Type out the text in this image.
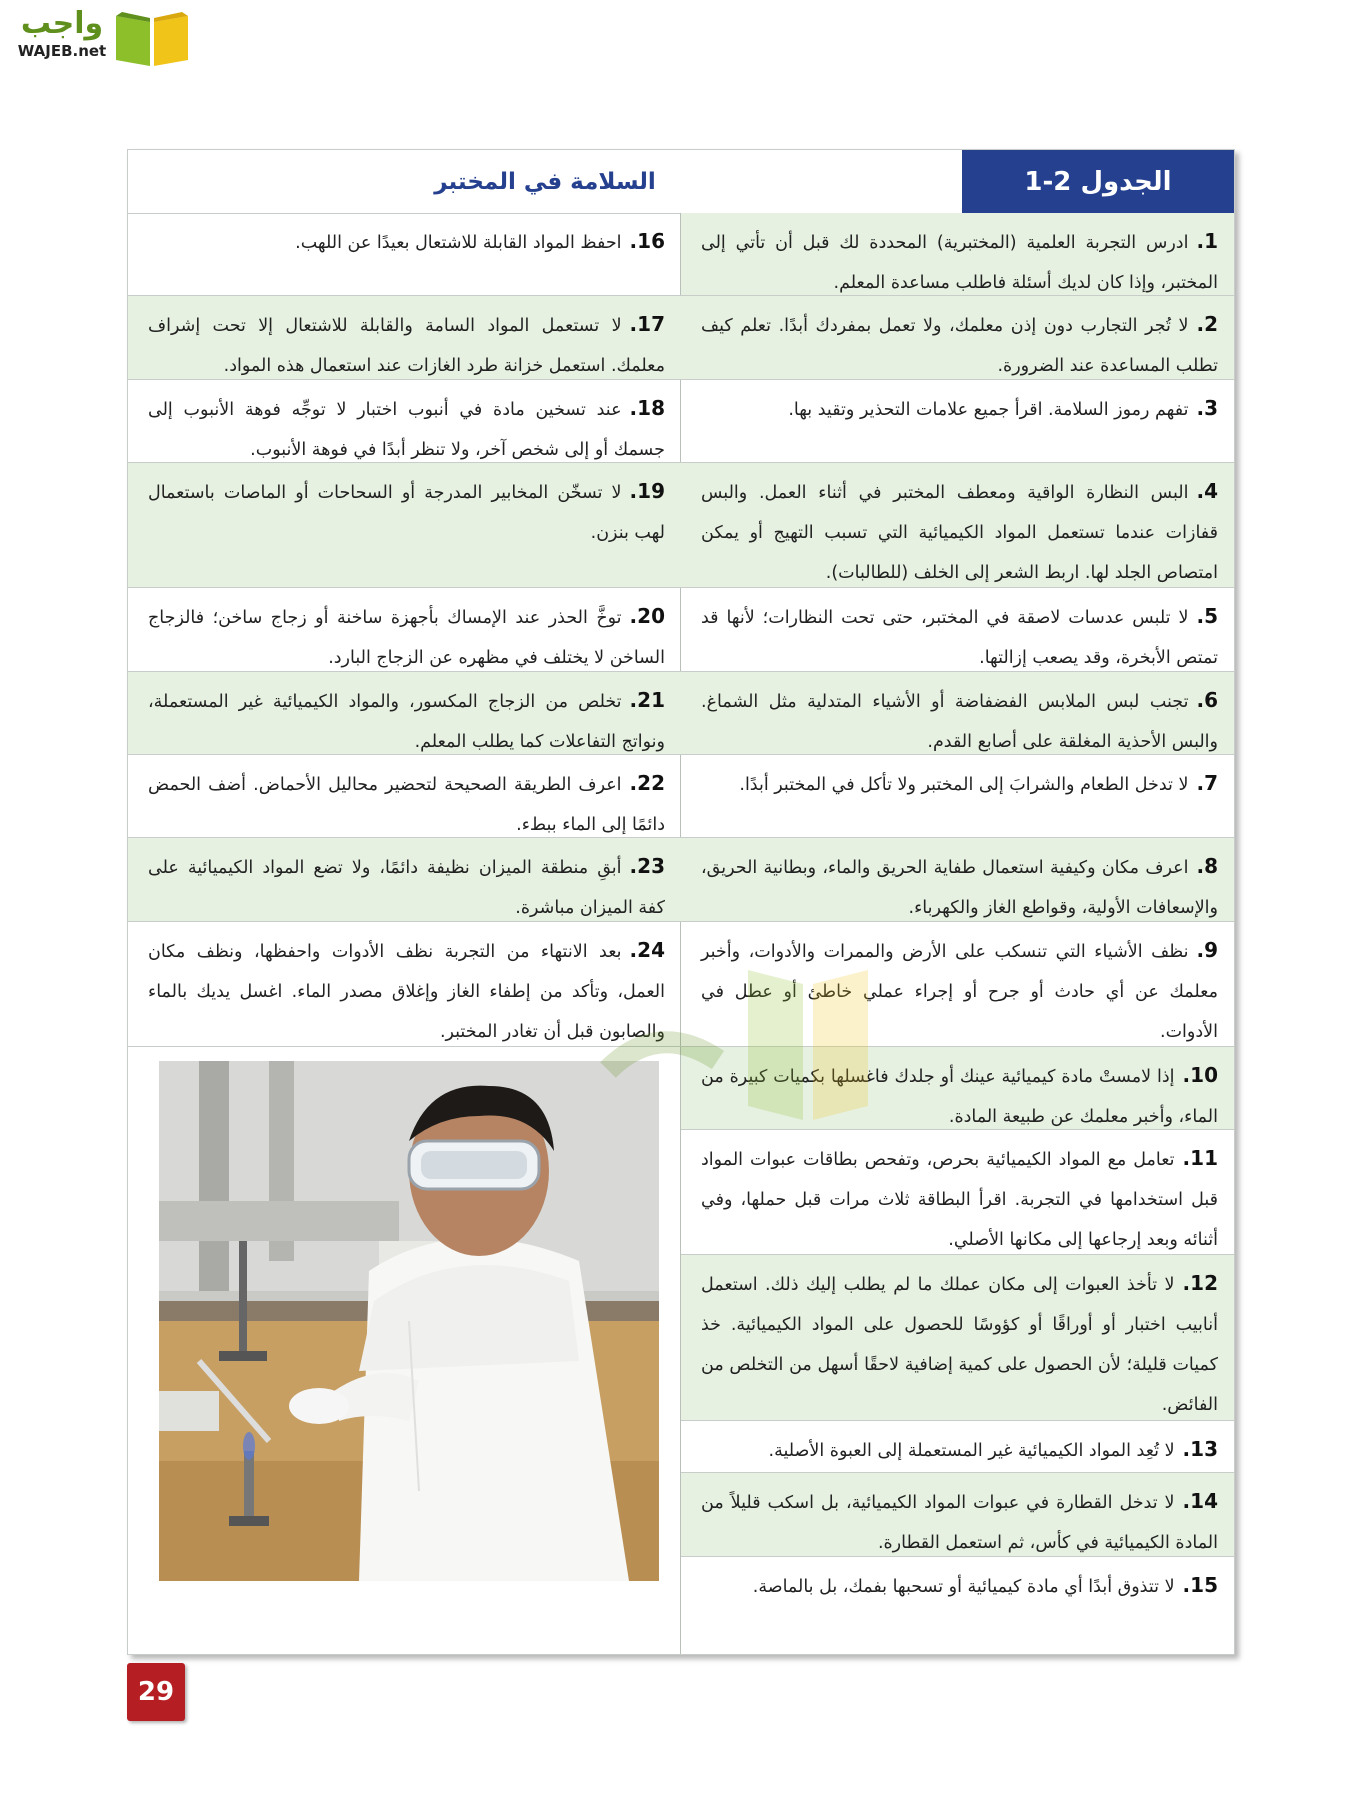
واجب
WAJEB.net
الجدول 2-1
السلامة في المختبر
1.ادرس التجربة العلمية (المختبرية) المحددة لك قبل أن تأتي إلى المختبر، وإذا كان لديك أسئلة فاطلب مساعدة المعلم.
2.لا تُجر التجارب دون إذن معلمك، ولا تعمل بمفردك أبدًا. تعلم كيف تطلب المساعدة عند الضرورة.
3.تفهم رموز السلامة. اقرأ جميع علامات التحذير وتقيد بها.
4.البس النظارة الواقية ومعطف المختبر في أثناء العمل. والبس قفازات عندما تستعمل المواد الكيميائية التي تسبب التهيج أو يمكن امتصاص الجلد لها. اربط الشعر إلى الخلف (للطالبات).
5.لا تلبس عدسات لاصقة في المختبر، حتى تحت النظارات؛ لأنها قد تمتص الأبخرة، وقد يصعب إزالتها.
6.تجنب لبس الملابس الفضفاضة أو الأشياء المتدلية مثل الشماغ. والبس الأحذية المغلقة على أصابع القدم.
7.لا تدخل الطعام والشرابَ إلى المختبر ولا تأكل في المختبر أبدًا.
8.اعرف مكان وكيفية استعمال طفاية الحريق والماء، وبطانية الحريق، والإسعافات الأولية، وقواطع الغاز والكهرباء.
9.نظف الأشياء التي تنسكب على الأرض والممرات والأدوات، وأخبر معلمك عن أي حادث أو جرح أو إجراء عملي خاطئ أو عطل في الأدوات.
10.إذا لامستْ مادة كيميائية عينك أو جلدك فاغسلها بكميات كبيرة من الماء، وأخبر معلمك عن طبيعة المادة.
11.تعامل مع المواد الكيميائية بحرص، وتفحص بطاقات عبوات المواد قبل استخدامها في التجربة. اقرأ البطاقة ثلاث مرات قبل حملها، وفي أثنائه وبعد إرجاعها إلى مكانها الأصلي.
12.لا تأخذ العبوات إلى مكان عملك ما لم يطلب إليك ذلك. استعمل أنابيب اختبار أو أوراقًا أو كؤوسًا للحصول على المواد الكيميائية. خذ كميات قليلة؛ لأن الحصول على كمية إضافية لاحقًا أسهل من التخلص من الفائض.
13.لا تُعِد المواد الكيميائية غير المستعملة إلى العبوة الأصلية.
14.لا تدخل القطارة في عبوات المواد الكيميائية، بل اسكب قليلاً من المادة الكيميائية في كأس، ثم استعمل القطارة.
15.لا تتذوق أبدًا أي مادة كيميائية أو تسحبها بفمك، بل بالماصة.
16.احفظ المواد القابلة للاشتعال بعيدًا عن اللهب.
17.لا تستعمل المواد السامة والقابلة للاشتعال إلا تحت إشراف معلمك. استعمل خزانة طرد الغازات عند استعمال هذه المواد.
18.عند تسخين مادة في أنبوب اختبار لا توجِّه فوهة الأنبوب إلى جسمك أو إلى شخص آخر، ولا تنظر أبدًا في فوهة الأنبوب.
19.لا تسخّن المخابير المدرجة أو السحاحات أو الماصات باستعمال لهب بنزن.
20.توخَّ الحذر عند الإمساك بأجهزة ساخنة أو زجاج ساخن؛ فالزجاج الساخن لا يختلف في مظهره عن الزجاج البارد.
21.تخلص من الزجاج المكسور، والمواد الكيميائية غير المستعملة، ونواتج التفاعلات كما يطلب المعلم.
22.اعرف الطريقة الصحيحة لتحضير محاليل الأحماض. أضف الحمض دائمًا إلى الماء ببطء.
23.أبقِ منطقة الميزان نظيفة دائمًا، ولا تضع المواد الكيميائية على كفة الميزان مباشرة.
24.بعد الانتهاء من التجربة نظف الأدوات واحفظها، ونظف مكان العمل، وتأكد من إطفاء الغاز وإغلاق مصدر الماء. اغسل يديك بالماء والصابون قبل أن تغادر المختبر.
29
